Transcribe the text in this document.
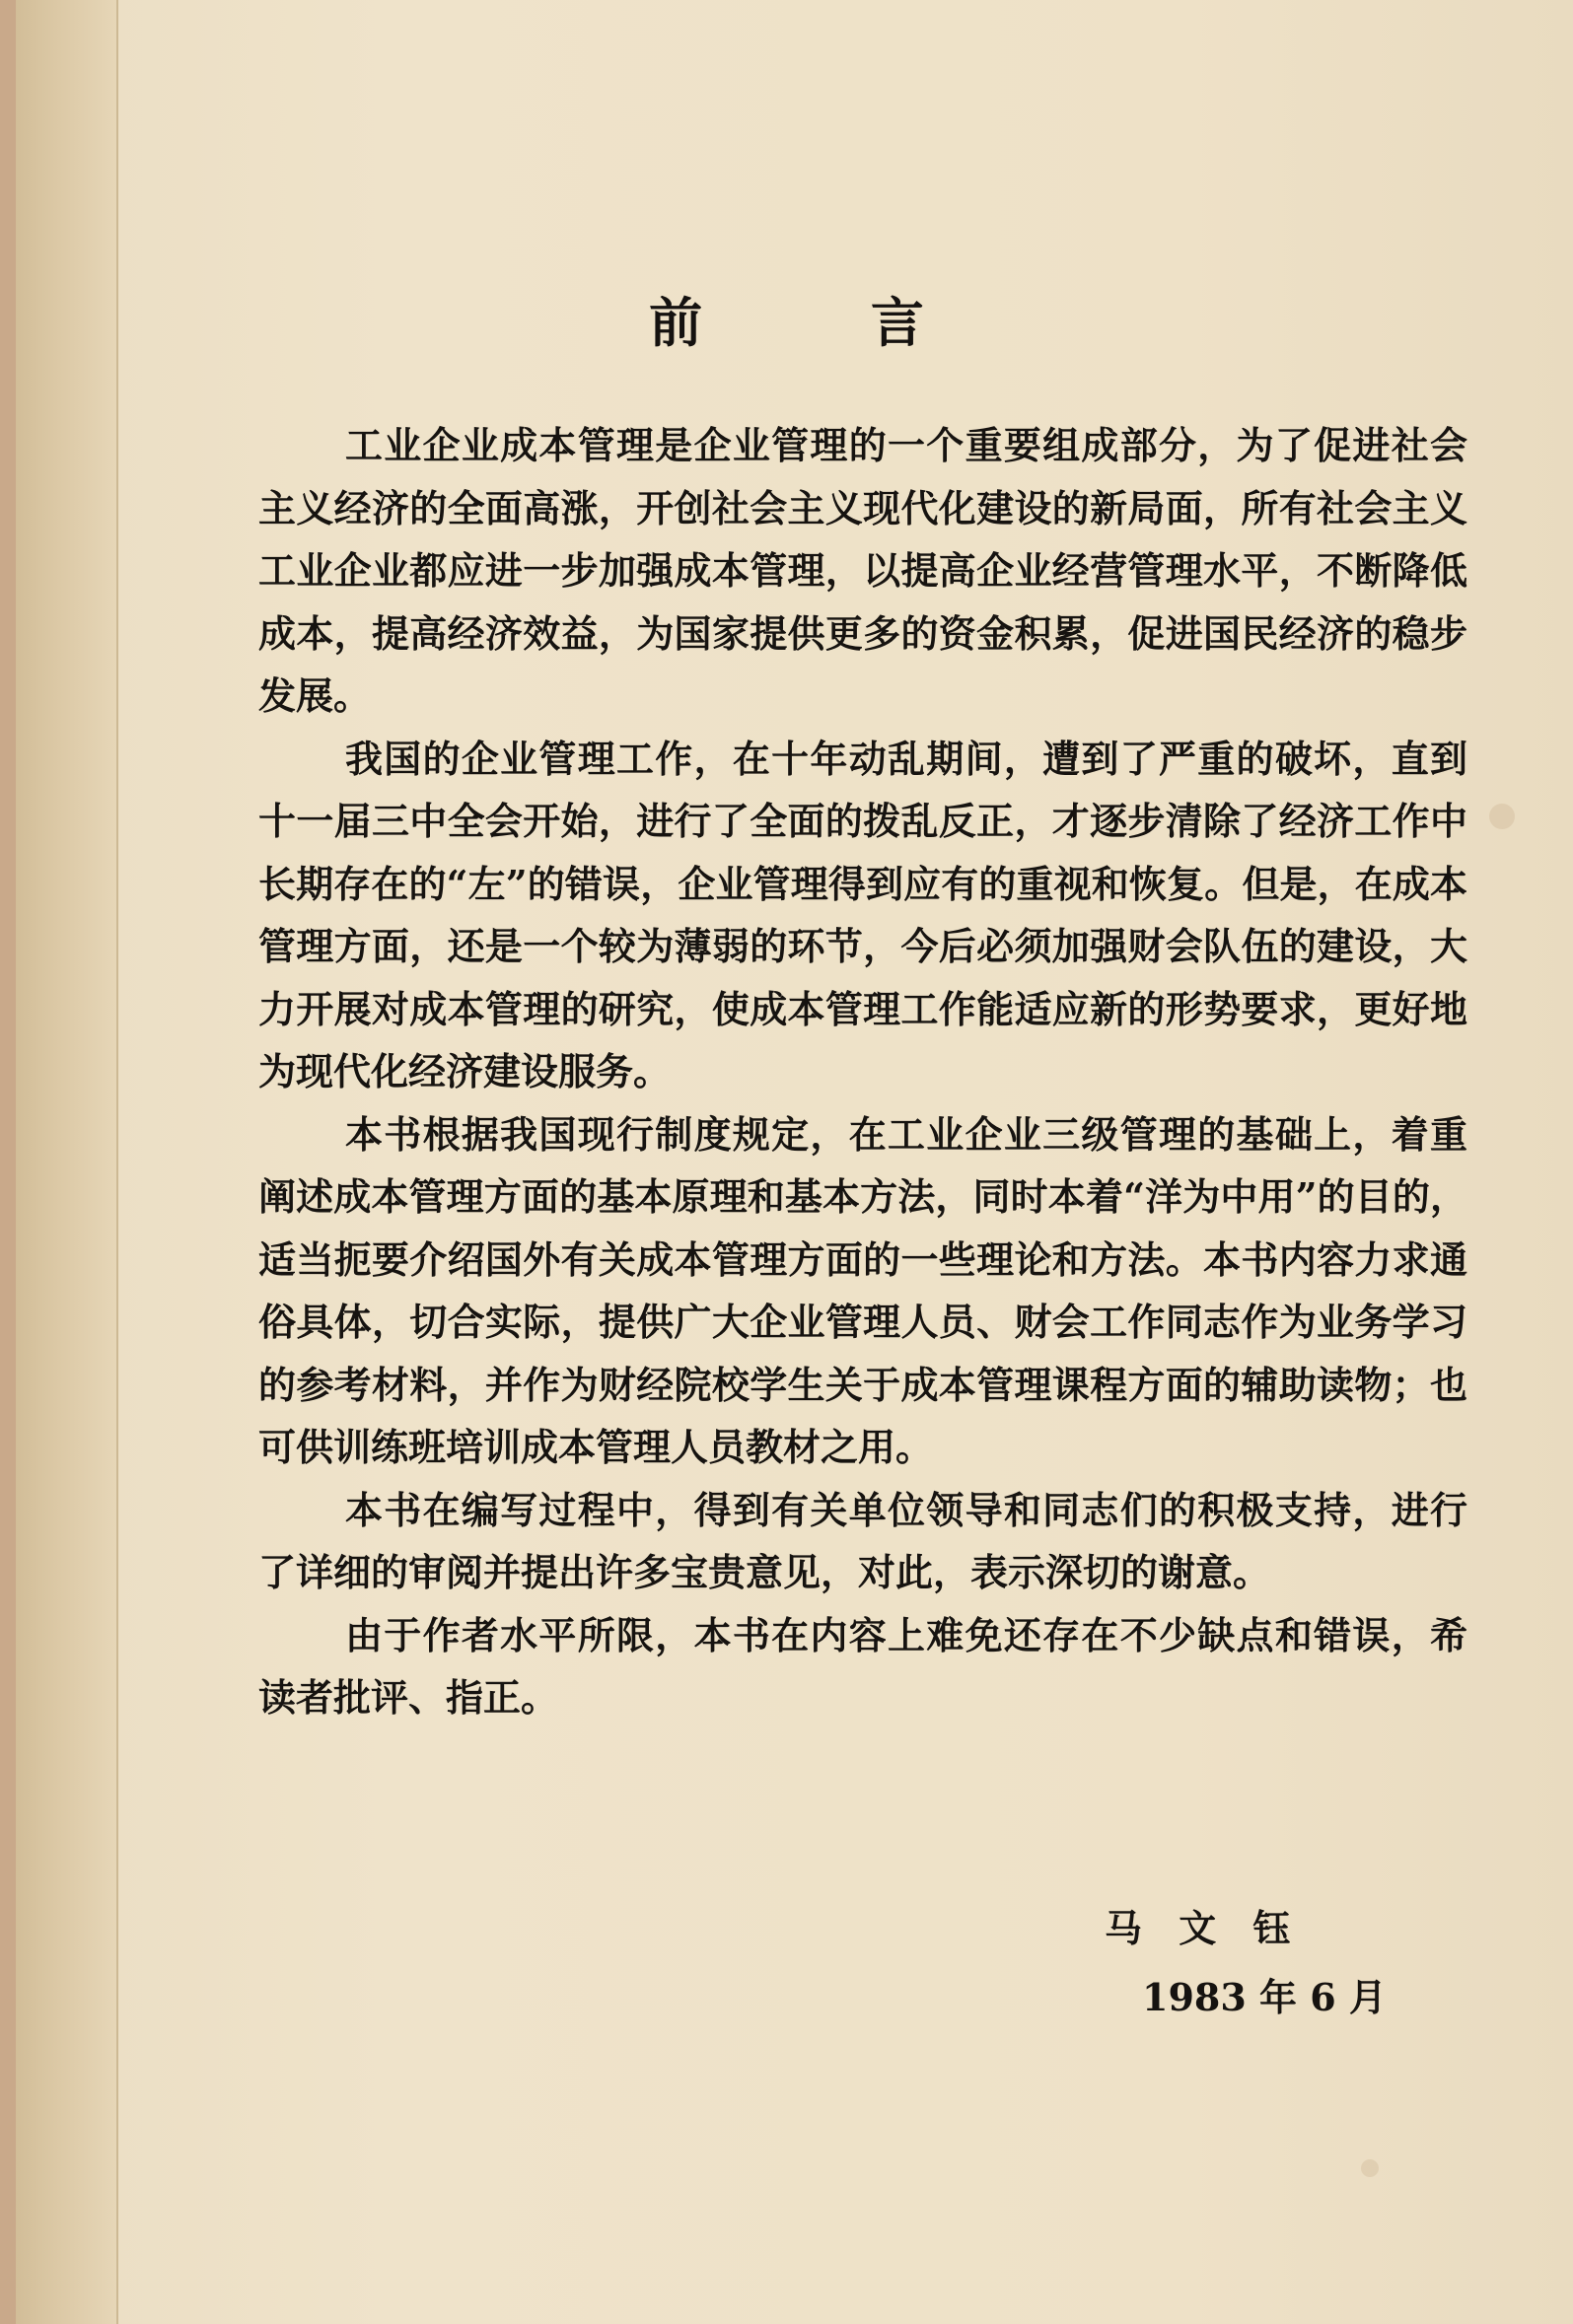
前 言

工业企业成本管理是企业管理的一个重要组成部分，为了促进社会主义经济的全面高涨，开创社会主义现代化建设的新局面，所有社会主义工业企业都应进一步加强成本管理，以提高企业经营管理水平，不断降低成本，提高经济效益，为国家提供更多的资金积累，促进国民经济的稳步发展。

我国的企业管理工作，在十年动乱期间，遭到了严重的破坏，直到十一届三中全会开始，进行了全面的拨乱反正，才逐步清除了经济工作中长期存在的“左”的错误，企业管理得到应有的重视和恢复。但是，在成本管理方面，还是一个较为薄弱的环节，今后必须加强财会队伍的建设，大力开展对成本管理的研究，使成本管理工作能适应新的形势要求，更好地为现代化经济建设服务。

本书根据我国现行制度规定，在工业企业三级管理的基础上，着重阐述成本管理方面的基本原理和基本方法，同时本着“洋为中用”的目的，适当扼要介绍国外有关成本管理方面的一些理论和方法。本书内容力求通俗具体，切合实际，提供广大企业管理人员、财会工作同志作为业务学习的参考材料，并作为财经院校学生关于成本管理课程方面的辅助读物；也可供训练班培训成本管理人员教材之用。

本书在编写过程中，得到有关单位领导和同志们的积极支持，进行了详细的审阅并提出许多宝贵意见，对此，表示深切的谢意。

由于作者水平所限，本书在内容上难免还存在不少缺点和错误，希读者批评、指正。

马 文 钰
1983 年 6 月
